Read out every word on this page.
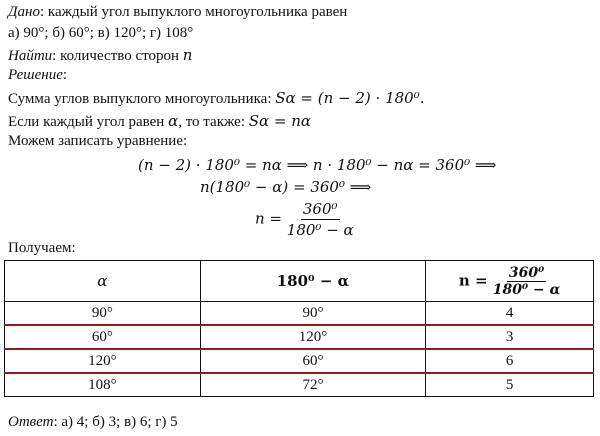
Дано: каждый угол выпуклого многоугольника равен
а) 90°; б) 60°; в) 120°; г) 108°
Найти: количество сторон n
Решение:
Сумма углов выпуклого многоугольника: Sα = (n − 2) · 180⁰.
Если каждый угол равен α, то также: Sα = nα
Можем записать уравнение:
(n − 2) · 180⁰ = nα ⟹ n · 180⁰ − nα = 360⁰ ⟹
n(180⁰ − α) = 360⁰ ⟹
$n = \frac{\text{360⁰}}{\text{180⁰ − α}}$
Получаем:
α	180⁰ − α	$n = \frac{\text{360⁰}}{\text{180⁰ − α}}$

90°	90°	4
60°	120°	3
120°	60°	6
108°	72°	5
Ответ: а) 4; б) 3; в) 6; г) 5
